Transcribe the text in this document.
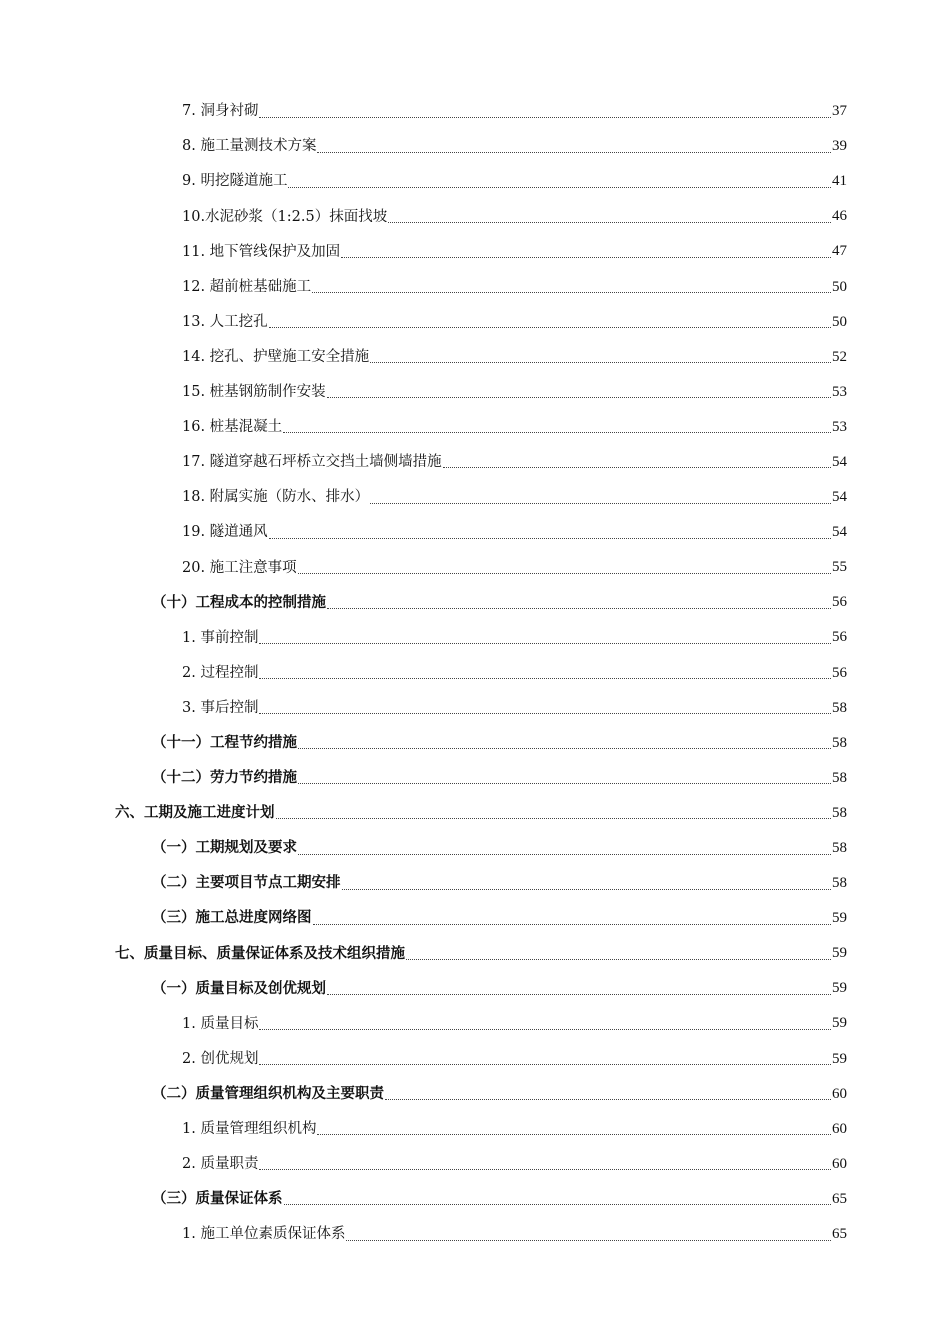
7. 洞身衬砌	37
8. 施工量测技术方案	39
9. 明挖隧道施工	41
10.水泥砂浆（1:2.5）抹面找坡	46
11. 地下管线保护及加固	47
12. 超前桩基础施工	50
13. 人工挖孔	50
14. 挖孔、护壁施工安全措施	52
15. 桩基钢筋制作安装	53
16. 桩基混凝土	53
17. 隧道穿越石坪桥立交挡土墙侧墙措施	54
18. 附属实施（防水、排水）	54
19. 隧道通风	54
20. 施工注意事项	55
（十）工程成本的控制措施	56
1. 事前控制	56
2. 过程控制	56
3. 事后控制	58
（十一）工程节约措施	58
（十二）劳力节约措施	58
六、工期及施工进度计划	58
（一）工期规划及要求	58
（二）主要项目节点工期安排	58
（三）施工总进度网络图	59
七、质量目标、质量保证体系及技术组织措施	59
（一）质量目标及创优规划	59
1. 质量目标	59
2. 创优规划	59
（二）质量管理组织机构及主要职责	60
1. 质量管理组织机构	60
2. 质量职责	60
（三）质量保证体系	65
1. 施工单位素质保证体系	65
